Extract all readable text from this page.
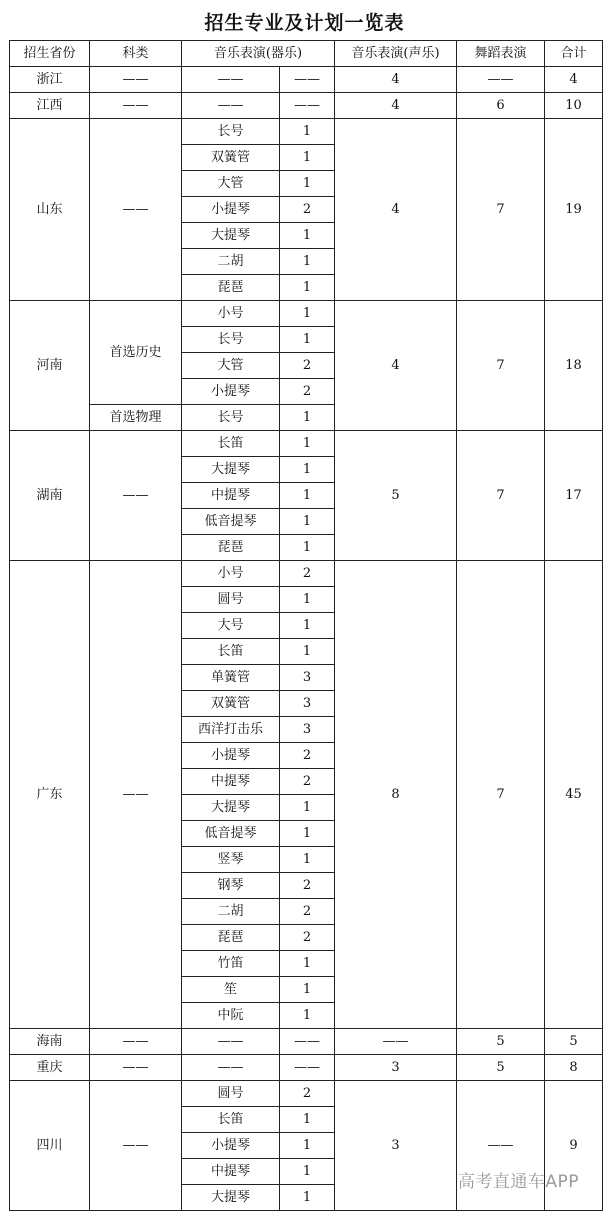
招生专业及计划一览表
招生省份	科类	音乐表演(器乐)		音乐表演(声乐)	舞蹈表演	合计
浙江	——	——	——	4	——	4
江西	——	——	——	4	6	10
山东	——	长号	1	4	7	19
		双簧管	1			
		大管	1			
		小提琴	2			
		大提琴	1			
		二胡	1			
		琵琶	1			
河南	首选历史	小号	1	4	7	18
		长号	1			
		大管	2			
		小提琴	2			
	首选物理	长号	1			
湖南	——	长笛	1	5	7	17
		大提琴	1			
		中提琴	1			
		低音提琴	1			
		琵琶	1			
广东	——	小号	2	8	7	45
		圆号	1			
		大号	1			
		长笛	1			
		单簧管	3			
		双簧管	3			
		西洋打击乐	3			
		小提琴	2			
		中提琴	2			
		大提琴	1			
		低音提琴	1			
		竖琴	1			
		钢琴	2			
		二胡	2			
		琵琶	2			
		竹笛	1			
		笙	1			
		中阮	1			
海南	——	——	——	——	5	5
重庆	——	——	——	3	5	8
四川	——	圆号	2	3	——	9
		长笛	1			
		小提琴	1			
		中提琴	1			
		大提琴	1			
高考直通车APP
